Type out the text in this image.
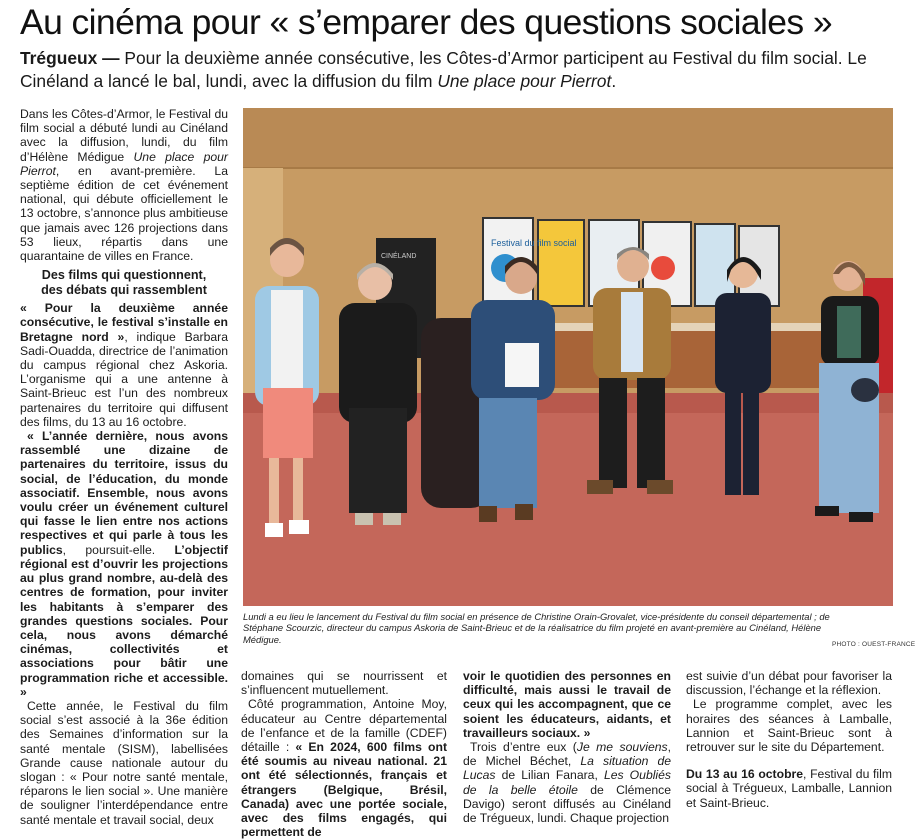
Au cinéma pour « s’emparer des questions sociales »
Trégueux — Pour la deuxième année consécutive, les Côtes-d’Armor participent au Festival du film social. Le Cinéland a lancé le bal, lundi, avec la diffusion du film Une place pour Pierrot.

Dans les Côtes-d’Armor, le Festival du film social a débuté lundi au Cinéland avec la diffusion, lundi, du film d’Hélène Médigue Une place pour Pierrot, en avant-première. La septième édition de cet événement national, qui débute officiellement le 13 octobre, s’annonce plus ambitieuse que jamais avec 126 projections dans 53 lieux, répartis dans une quarantaine de villes en France.

Des films qui questionnent,
des débats qui rassemblent

« Pour la deuxième année consécutive, le festival s’installe en Bretagne nord », indique Barbara Sadi-Ouadda, directrice de l’animation du campus régional chez Askoria. L’organisme qui a une antenne à Saint-Brieuc est l’un des nombreux partenaires du territoire qui diffusent des films, du 13 au 16 octobre.

« L’année dernière, nous avons rassemblé une dizaine de partenaires du territoire, issus du social, de l’éducation, du monde associatif. Ensemble, nous avons voulu créer un événement culturel qui fasse le lien entre nos actions respectives et qui parle à tous les publics, poursuit-elle. L’objectif régional est d’ouvrir les projections au plus grand nombre, au-delà des centres de formation, pour inviter les habitants à s’emparer des grandes questions sociales. Pour cela, nous avons démarché cinémas, collectivités et associations pour bâtir une programmation riche et accessible. »

Cette année, le Festival du film social s’est associé à la 36e édition des Semaines d’information sur la santé mentale (SISM), labellisées Grande cause nationale autour du slogan : « Pour notre santé mentale, réparons le lien social ». Une manière de souligner l’interdépendance entre santé mentale et travail social, deux

Festival du film social
CINÉLAND
Lundi a eu lieu le lancement du Festival du film social en présence de Christine Orain-Grovalet, vice-présidente du conseil départemental ; de Stéphane Scourzic, directeur du campus Askoria de Saint-Brieuc et de la réalisatrice du film projeté en avant-première au Cinéland, Hélène Médigue.	PHOTO : OUEST-FRANCE

domaines qui se nourrissent et s’influencent mutuellement.

Côté programmation, Antoine Moy, éducateur au Centre départemental de l’enfance et de la famille (CDEF) détaille : « En 2024, 600 films ont été soumis au niveau national. 21 ont été sélectionnés, français et étrangers (Belgique, Brésil, Canada) avec une portée sociale, avec des films engagés, qui permettent de

voir le quotidien des personnes en difficulté, mais aussi le travail de ceux qui les accompagnent, que ce soient les éducateurs, aidants, et travailleurs sociaux. »

Trois d’entre eux (Je me souviens, de Michel Béchet, La situation de Lucas de Lilian Fanara, Les Oubliés de la belle étoile de Clémence Davigo) seront diffusés au Cinéland de Trégueux, lundi. Chaque projection

est suivie d’un débat pour favoriser la discussion, l’échange et la réflexion.

Le programme complet, avec les horaires des séances à Lamballe, Lannion et Saint-Brieuc sont à retrouver sur le site du Département.

Du 13 au 16 octobre, Festival du film social à Trégueux, Lamballe, Lannion et Saint-Brieuc.
